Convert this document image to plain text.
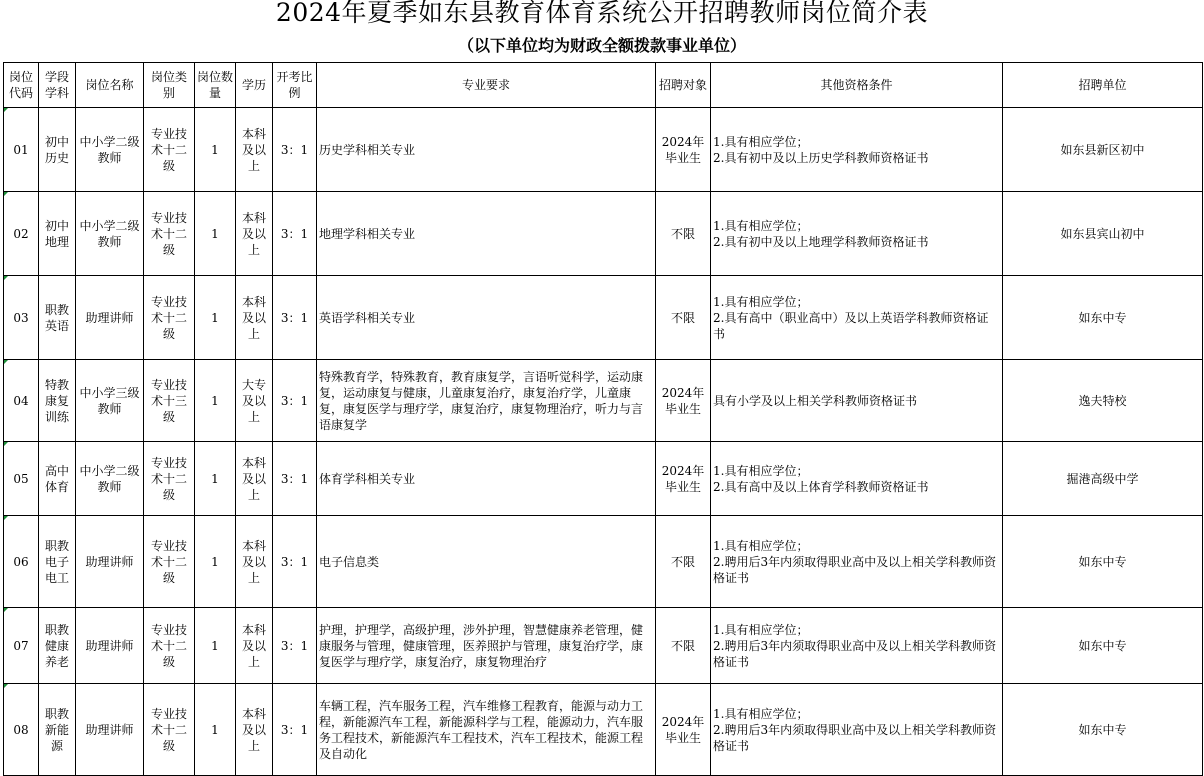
2024年夏季如东县教育体育系统公开招聘教师岗位简介表
（以下单位均为财政全额拨款事业单位）
岗位代码	学段学科	岗位名称	岗位类别	岗位数量	学历	开考比例	专业要求	招聘对象	其他资格条件	招聘单位
01	初中历史	中小学二级教师	专业技术十二级	1	本科及以上	3：1	历史学科相关专业	2024年毕业生	1.具有相应学位；
2.具有初中及以上历史学科教师资格证书	如东县新区初中
02	初中地理	中小学二级教师	专业技术十二级	1	本科及以上	3：1	地理学科相关专业	不限	1.具有相应学位；
2.具有初中及以上地理学科教师资格证书	如东县宾山初中
03	职教英语	助理讲师	专业技术十二级	1	本科及以上	3：1	英语学科相关专业	不限	1.具有相应学位；
2.具有高中（职业高中）及以上英语学科教师资格证书	如东中专
04	特教康复训练	中小学三级教师	专业技术十三级	1	大专及以上	3：1	特殊教育学，特殊教育，教育康复学，言语听觉科学，运动康复，运动康复与健康，儿童康复治疗，康复治疗学，儿童康复，康复医学与理疗学，康复治疗，康复物理治疗，听力与言语康复学	2024年毕业生	具有小学及以上相关学科教师资格证书	逸夫特校
05	高中体育	中小学二级教师	专业技术十二级	1	本科及以上	3：1	体育学科相关专业	2024年毕业生	1.具有相应学位；
2.具有高中及以上体育学科教师资格证书	掘港高级中学
06	职教电子电工	助理讲师	专业技术十二级	1	本科及以上	3：1	电子信息类	不限	1.具有相应学位；
2.聘用后3年内须取得职业高中及以上相关学科教师资格证书	如东中专
07	职教健康养老	助理讲师	专业技术十二级	1	本科及以上	3：1	护理，护理学，高级护理，涉外护理，智慧健康养老管理，健康服务与管理，健康管理，医养照护与管理，康复治疗学，康复医学与理疗学，康复治疗，康复物理治疗	不限	1.具有相应学位；
2.聘用后3年内须取得职业高中及以上相关学科教师资格证书	如东中专
08	职教新能源	助理讲师	专业技术十二级	1	本科及以上	3：1	车辆工程，汽车服务工程，汽车维修工程教育，能源与动力工程，新能源汽车工程，新能源科学与工程，能源动力，汽车服务工程技术，新能源汽车工程技术，汽车工程技术，能源工程及自动化	2024年毕业生	1.具有相应学位；
2.聘用后3年内须取得职业高中及以上相关学科教师资格证书	如东中专
